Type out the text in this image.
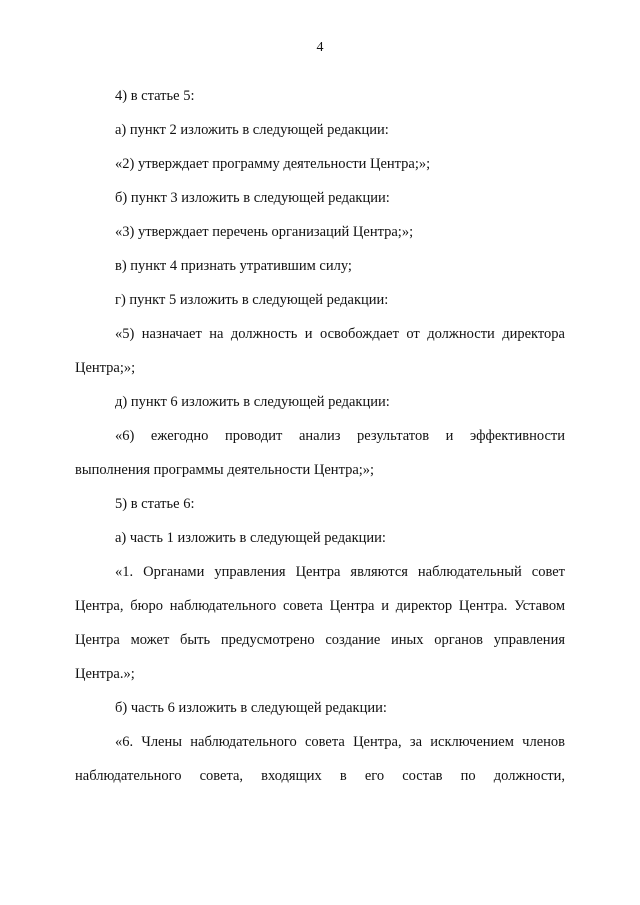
4

4) в статье 5:

а) пункт 2 изложить в следующей редакции:

«2) утверждает программу деятельности Центра;»;

б) пункт 3 изложить в следующей редакции:

«3) утверждает перечень организаций Центра;»;

в) пункт 4 признать утратившим силу;

г) пункт 5 изложить в следующей редакции:

«5) назначает на должность и освобождает от должности директора Центра;»;

д) пункт 6 изложить в следующей редакции:

«6) ежегодно проводит анализ результатов и эффективности выполнения программы деятельности Центра;»;

5) в статье 6:

а) часть 1 изложить в следующей редакции:

«1. Органами управления Центра являются наблюдательный совет Центра, бюро наблюдательного совета Центра и директор Центра. Уставом Центра может быть предусмотрено создание иных органов управления Центра.»;

б) часть 6 изложить в следующей редакции:

«6. Члены наблюдательного совета Центра, за исключением членов наблюдательного совета, входящих в его состав по должности,
